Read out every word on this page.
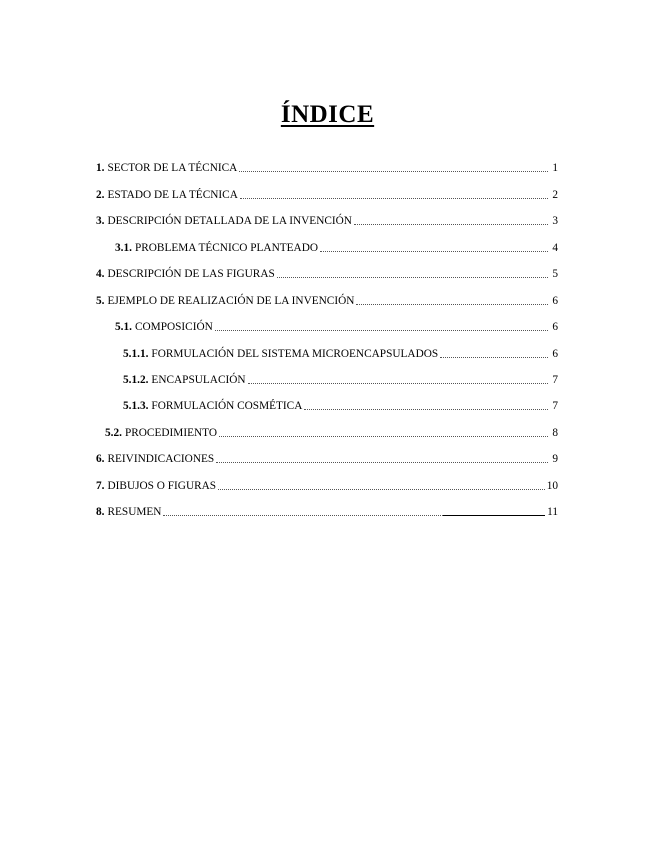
ÍNDICE
1. SECTOR DE LA TÉCNICA	1
2. ESTADO DE LA TÉCNICA	2
3. DESCRIPCIÓN DETALLADA DE LA INVENCIÓN	3
3.1. PROBLEMA TÉCNICO PLANTEADO	4
4. DESCRIPCIÓN DE LAS FIGURAS	5
5. EJEMPLO DE REALIZACIÓN DE LA INVENCIÓN	6
5.1. COMPOSICIÓN	6
5.1.1. FORMULACIÓN DEL SISTEMA MICROENCAPSULADOS	6
5.1.2. ENCAPSULACIÓN	7
5.1.3. FORMULACIÓN COSMÉTICA	7
5.2. PROCEDIMIENTO	8
6. REIVINDICACIONES	9
7. DIBUJOS O FIGURAS	10
8. RESUMEN	11
